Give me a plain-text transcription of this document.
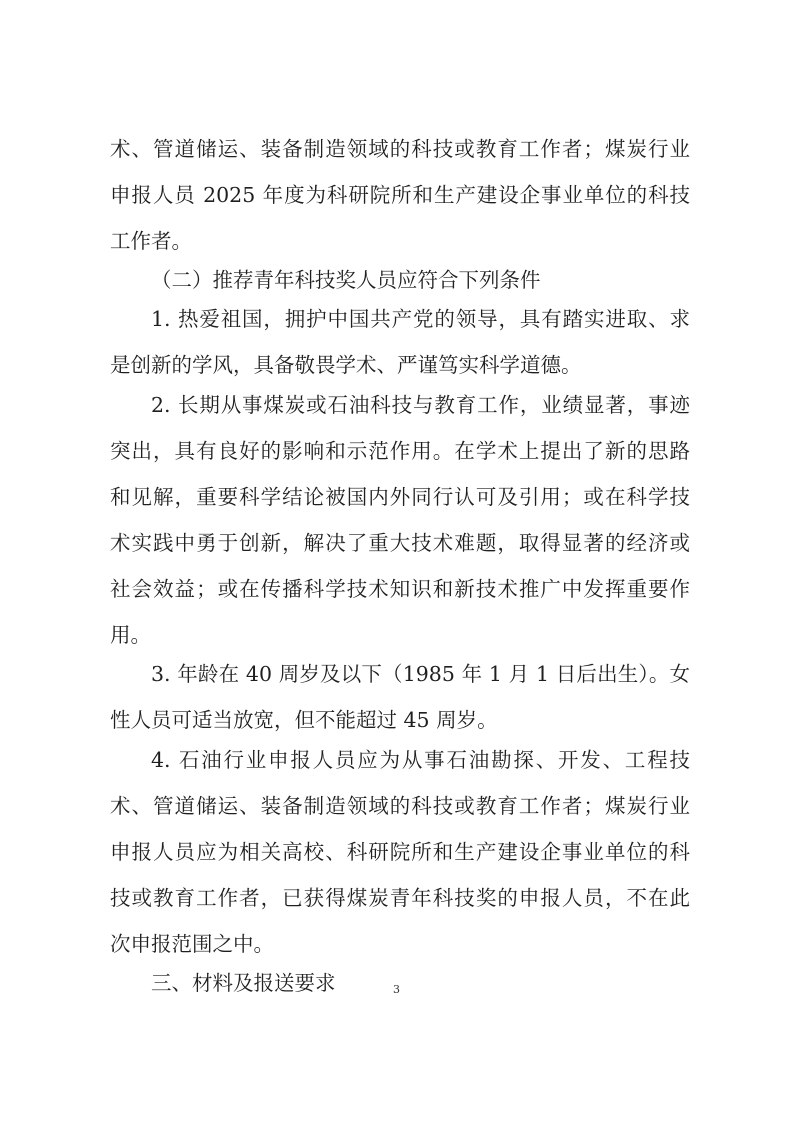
术、管道储运、装备制造领域的科技或教育工作者；煤炭行业
申报人员 2025 年度为科研院所和生产建设企事业单位的科技
工作者。
（二）推荐青年科技奖人员应符合下列条件
1. 热爱祖国，拥护中国共产党的领导，具有踏实进取、求
是创新的学风，具备敬畏学术、严谨笃实科学道德。
2. 长期从事煤炭或石油科技与教育工作，业绩显著，事迹
突出，具有良好的影响和示范作用。在学术上提出了新的思路
和见解，重要科学结论被国内外同行认可及引用；或在科学技
术实践中勇于创新，解决了重大技术难题，取得显著的经济或
社会效益；或在传播科学技术知识和新技术推广中发挥重要作
用。
3. 年龄在 40 周岁及以下（1985 年 1 月 1 日后出生）。女
性人员可适当放宽，但不能超过 45 周岁。
4. 石油行业申报人员应为从事石油勘探、开发、工程技
术、管道储运、装备制造领域的科技或教育工作者；煤炭行业
申报人员应为相关高校、科研院所和生产建设企事业单位的科
技或教育工作者，已获得煤炭青年科技奖的申报人员，不在此
次申报范围之中。
三、材料及报送要求	3
